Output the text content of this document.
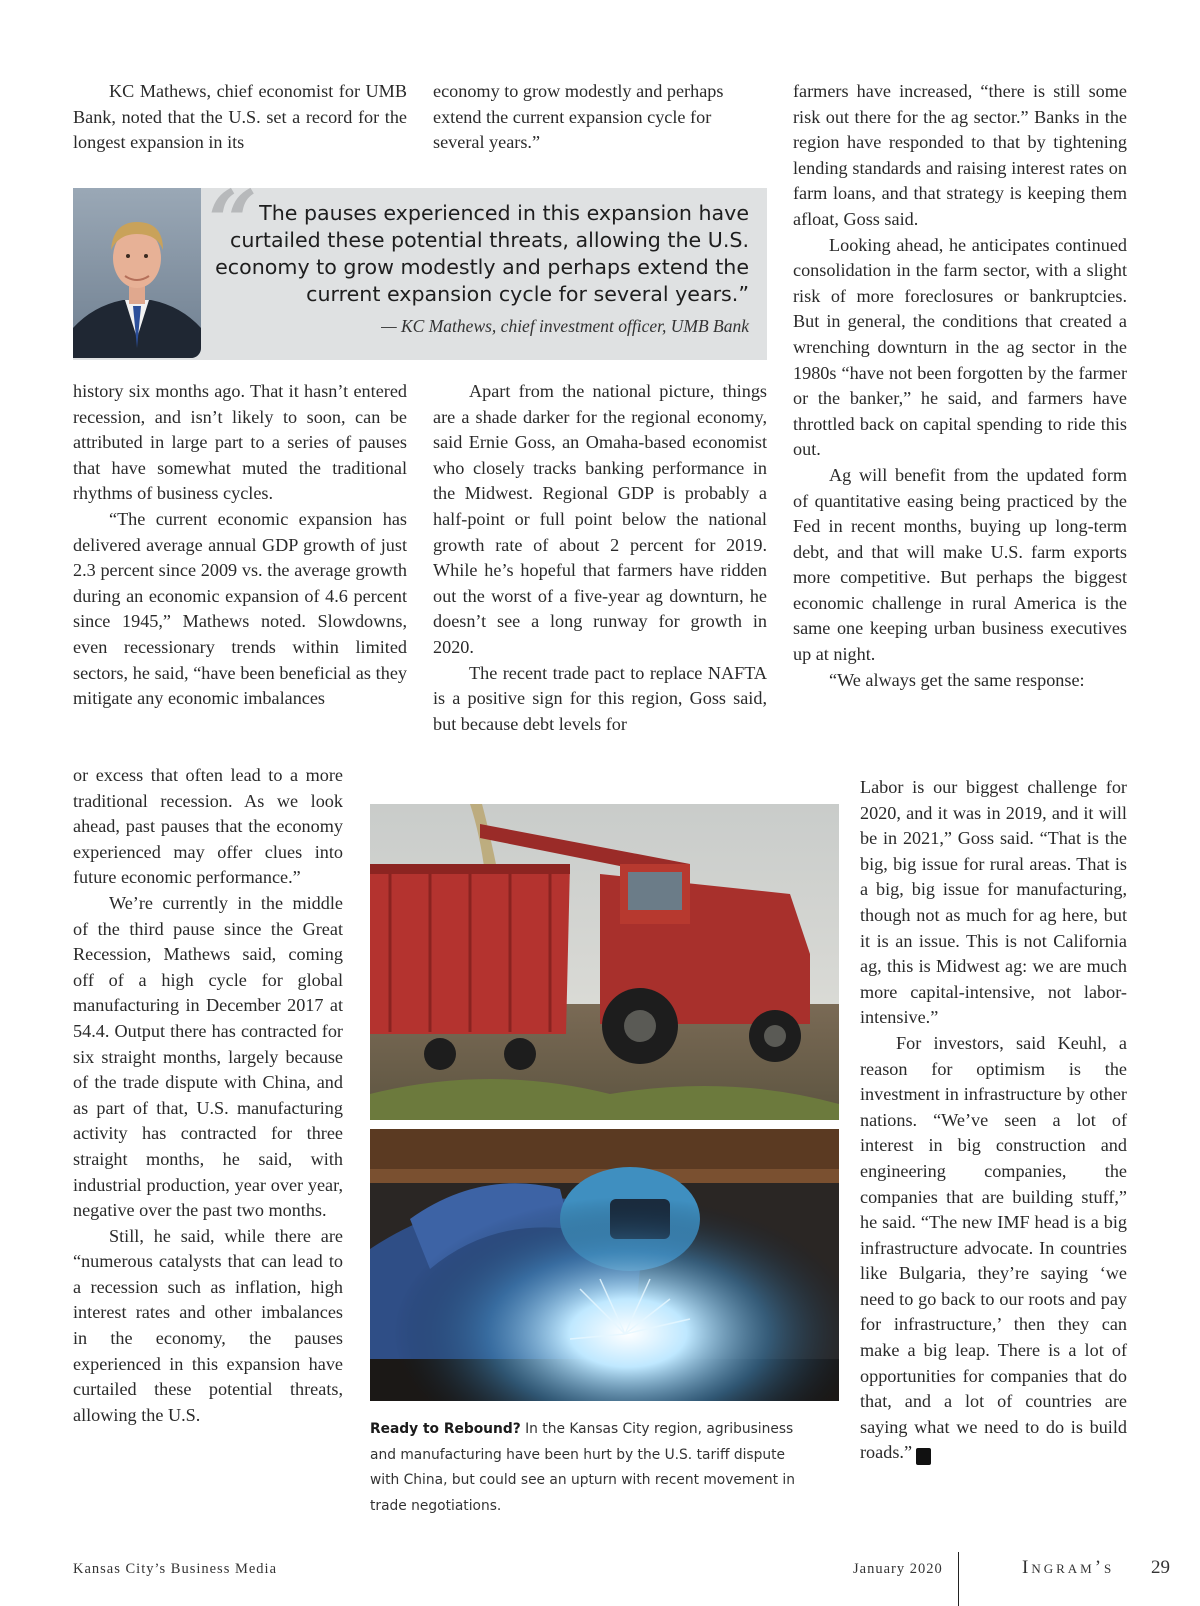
KC Mathews, chief economist for UMB Bank, noted that the U.S. set a record for the longest expansion in its

economy to grow modestly and perhaps extend the current expansion cycle for several years.”

“ The pauses experienced in this expansion have curtailed these potential threats, allowing the U.S. economy to grow modestly and perhaps extend the current expansion cycle for several years.”
— KC Mathews, chief investment officer, UMB Bank

history six months ago. That it hasn’t entered recession, and isn’t likely to soon, can be attributed in large part to a series of pauses that have somewhat muted the traditional rhythms of business cycles.

“The current economic expansion has delivered average annual GDP growth of just 2.3 percent since 2009 vs. the average growth during an economic expansion of 4.6 percent since 1945,” Mathews noted. Slowdowns, even recessionary trends within limited sectors, he said, “have been beneficial as they mitigate any economic imbalances

or excess that often lead to a more traditional recession. As we look ahead, past pauses that the economy experienced may offer clues into future economic performance.”

We’re currently in the middle of the third pause since the Great Recession, Mathews said, coming off of a high cycle for global manufacturing in December 2017 at 54.4. Output there has contracted for six straight months, largely because of the trade dispute with China, and as part of that, U.S. manufacturing activity has contracted for three straight months, he said, with industrial production, year over year, negative over the past two months.

Still, he said, while there are “numerous catalysts that can lead to a recession such as inflation, high interest rates and other imbalances in the economy, the pauses experienced in this expansion have curtailed these potential threats, allowing the U.S.

Apart from the national picture, things are a shade darker for the regional economy, said Ernie Goss, an Omaha-based economist who closely tracks banking performance in the Midwest. Regional GDP is probably a half-point or full point below the national growth rate of about 2 percent for 2019. While he’s hopeful that farmers have ridden out the worst of a five-year ag downturn, he doesn’t see a long runway for growth in 2020.

The recent trade pact to replace NAFTA is a positive sign for this region, Goss said, but because debt levels for

farmers have increased, “there is still some risk out there for the ag sector.” Banks in the region have responded to that by tightening lending standards and raising interest rates on farm loans, and that strategy is keeping them afloat, Goss said.

Looking ahead, he anticipates continued consolidation in the farm sector, with a slight risk of more foreclosures or bankruptcies. But in general, the conditions that created a wrenching downturn in the ag sector in the 1980s “have not been forgotten by the farmer or the banker,” he said, and farmers have throttled back on capital spending to ride this out.

Ag will benefit from the updated form of quantitative easing being practiced by the Fed in recent months, buying up long-term debt, and that will make U.S. farm exports more competitive. But perhaps the biggest economic challenge in rural America is the same one keeping urban business executives up at night.

“We always get the same response:

Labor is our biggest challenge for 2020, and it was in 2019, and it will be in 2021,” Goss said. “That is the big, big issue for rural areas. That is a big, big issue for manufacturing, though not as much for ag here, but it is an issue. This is not California ag, this is Midwest ag: we are much more capital-intensive, not labor-intensive.”

For investors, said Keuhl, a reason for optimism is the investment in infrastructure by other nations. “We’ve seen a lot of interest in big construction and engineering companies, the companies that are building stuff,” he said. “The new IMF head is a big infrastructure advocate. In countries like Bulgaria, they’re saying ‘we need to go back to our roots and pay for infrastructure,’ then they can make a big leap. There is a lot of opportunities for companies that do that, and a lot of countries are saying what we need to do is build roads.”	I

Ready to Rebound? In the Kansas City region, agribusiness and manufacturing have been hurt by the U.S. tariff dispute with China, but could see an upturn with recent movement in trade negotiations.
Kansas City’s Business Media	January 2020	Ingram’s 29
